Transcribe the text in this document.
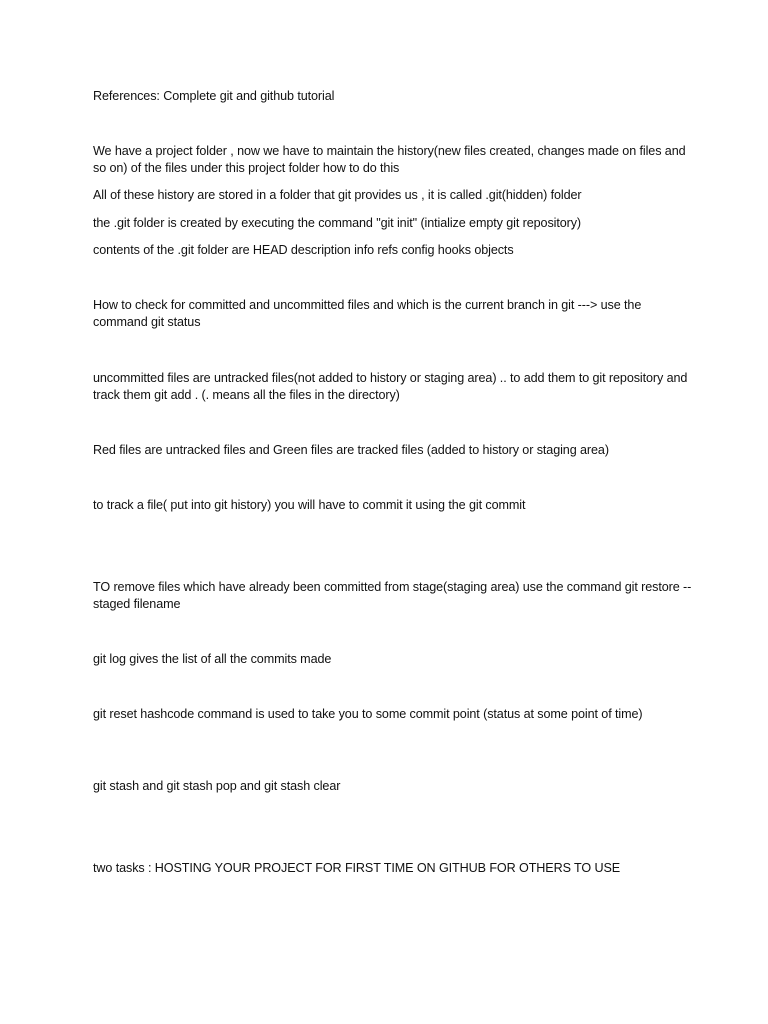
References: Complete git and github tutorial

We have a project folder , now we have to maintain the history(new files created, changes made on files and so on) of the files under this project folder how to do this

All of these history are stored in a folder that git provides us , it is called .git(hidden) folder

the .git folder is created by executing the command "git init" (intialize empty git repository)

contents of the .git folder are HEAD description info refs config hooks objects

How to check for committed and uncommitted files and which is the current branch in git ---> use the command git status

uncommitted files are untracked files(not added to history or staging area) .. to add them to git repository and track them git add . (. means all the files in the directory)

Red files are untracked files and Green files are tracked files (added to history or staging area)

to track a file( put into git history) you will have to commit it using the git commit

TO remove files which have already been committed from stage(staging area) use the command git restore --staged filename

git log gives the list of all the commits made

git reset hashcode command is used to take you to some commit point (status at some point of time)

git stash and git stash pop and git stash clear

two tasks : HOSTING YOUR PROJECT FOR FIRST TIME ON GITHUB FOR OTHERS TO USE
